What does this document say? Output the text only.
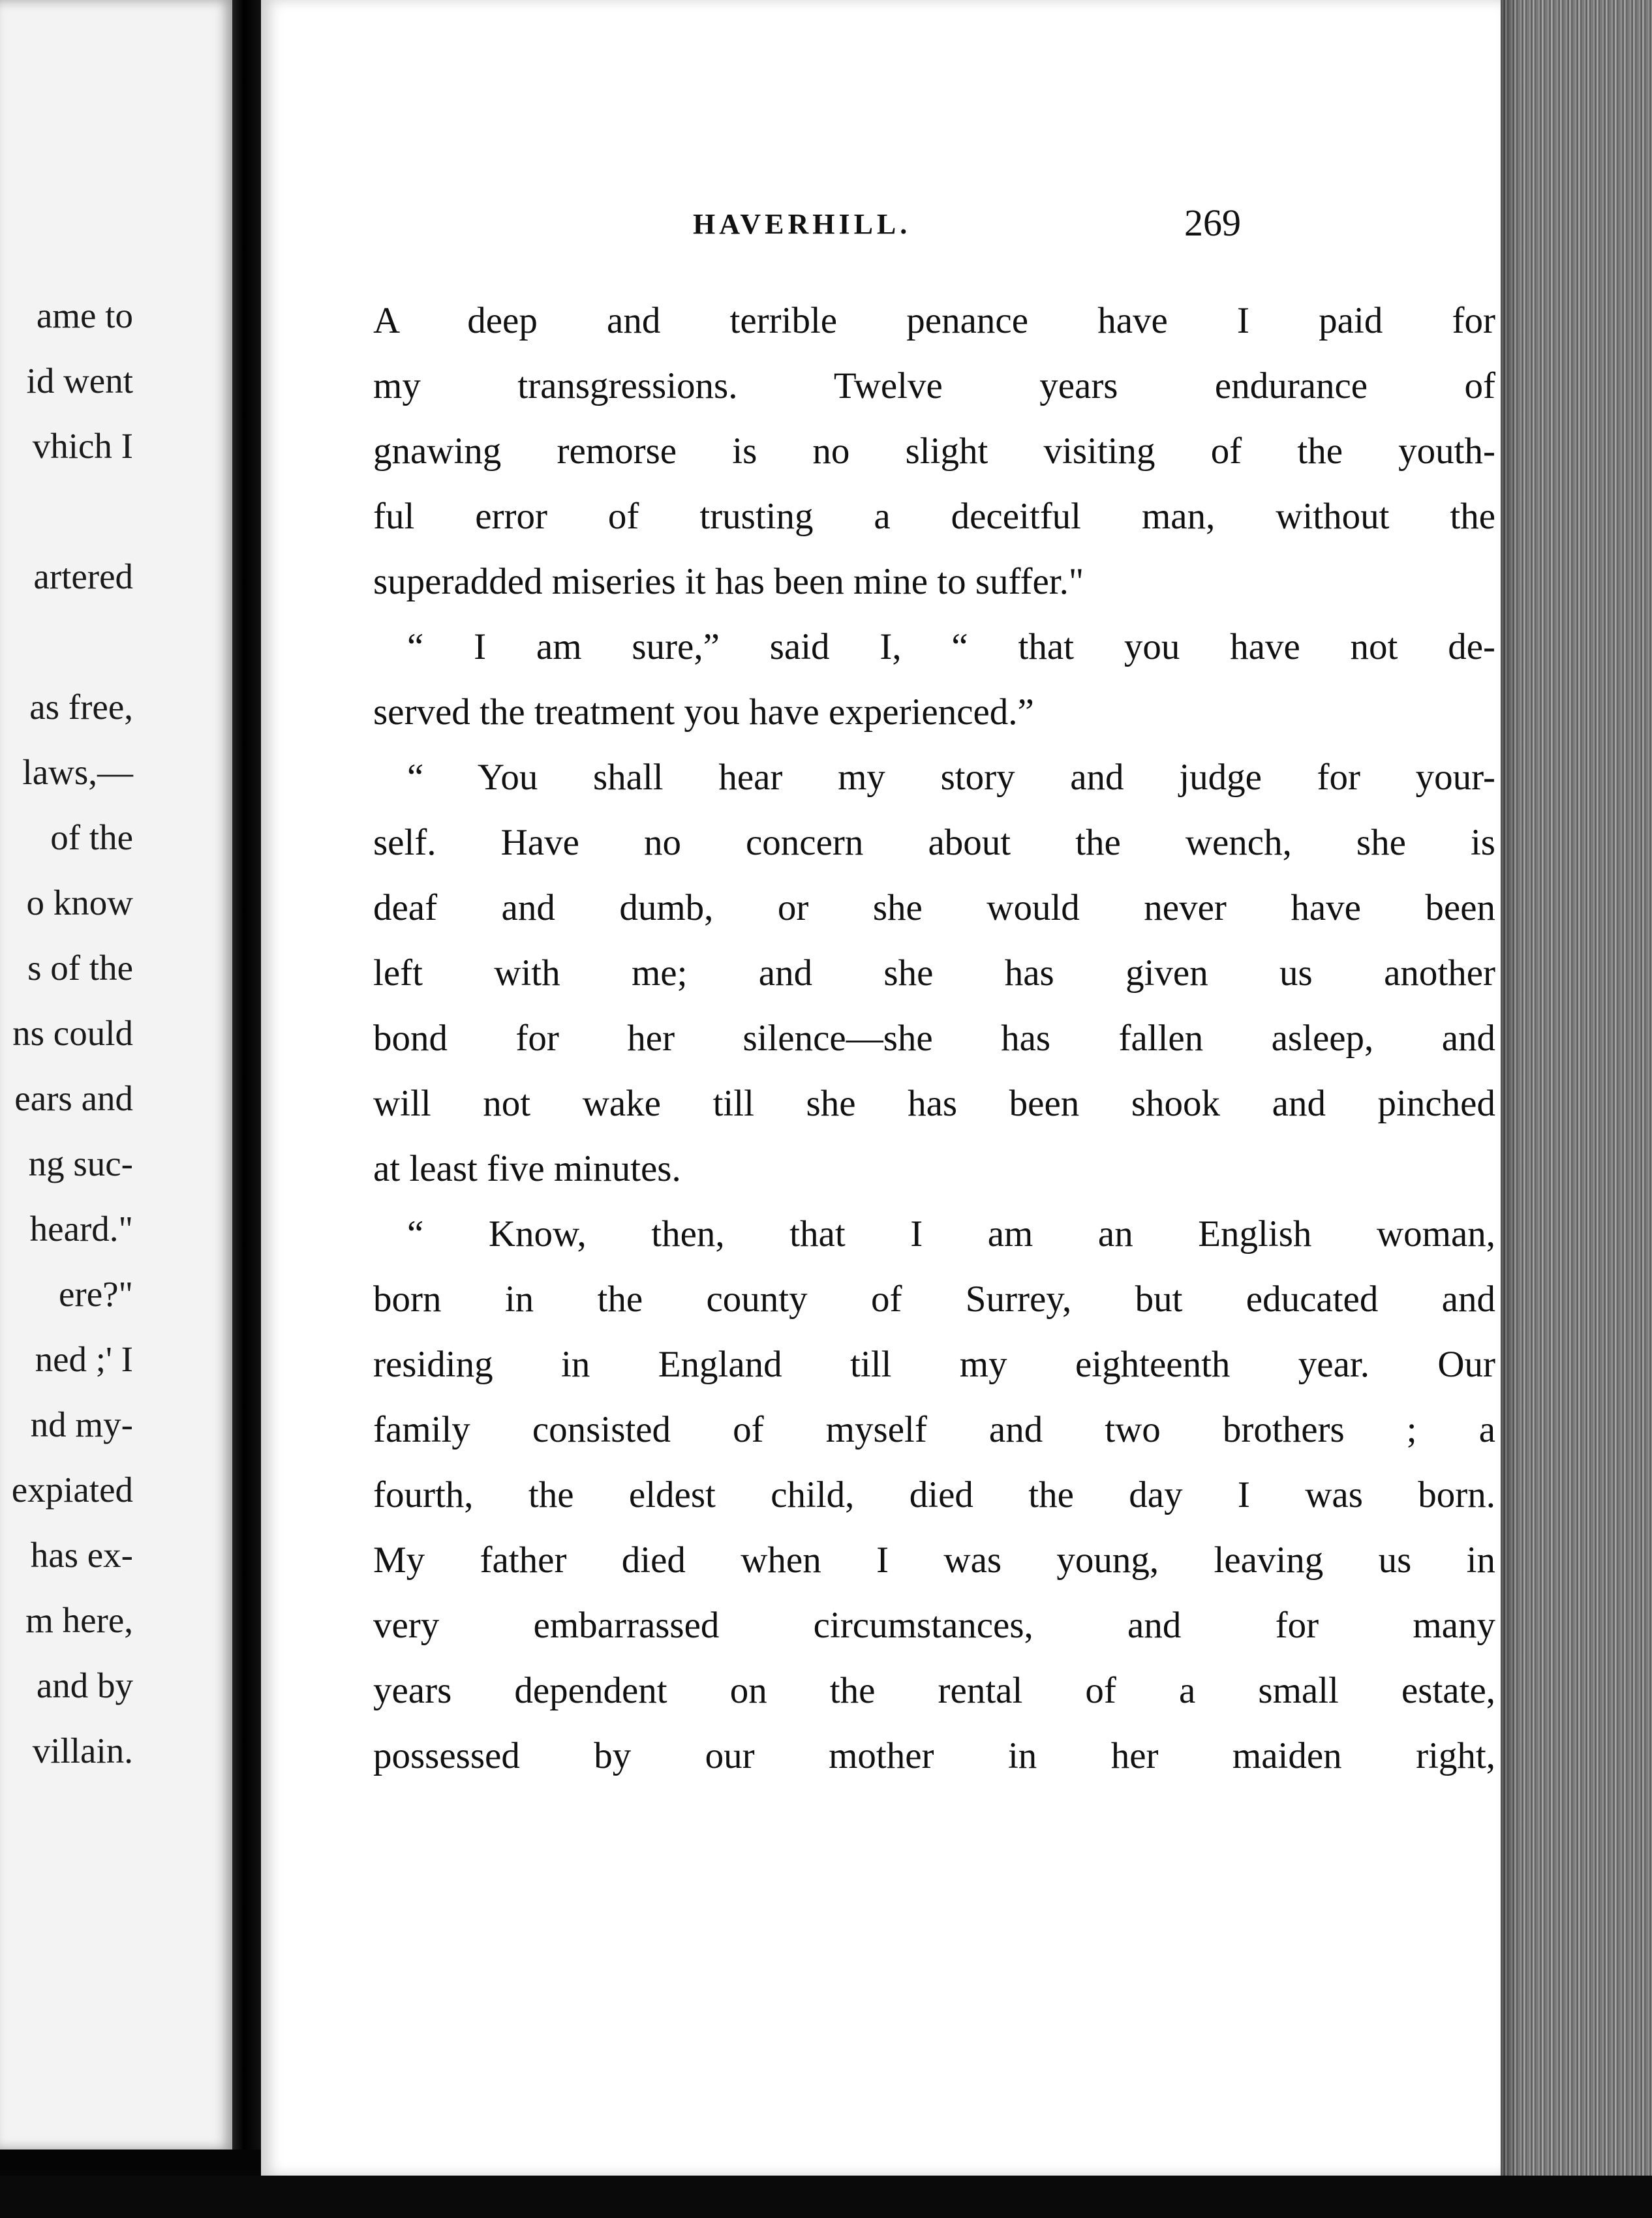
ame to
id went
vhich I
artered
as free,
laws,—
of the
o know
s of the
ns could
ears and
ng suc-
heard."
ere?"
ned ;' I
nd my-
expiated
has ex-
m here,
and by
villain.
HAVERHILL.	269
A deep and terrible penance have I paid for
my transgressions. Twelve years endurance of
gnawing remorse is no slight visiting of the youth-
ful error of trusting a deceitful man, without the
superadded miseries it has been mine to suffer."
“ I am sure,” said I, “ that you have not de-
served the treatment you have experienced.”
“ You shall hear my story and judge for your-
self. Have no concern about the wench, she is
deaf and dumb, or she would never have been
left with me; and she has given us another
bond for her silence—she has fallen asleep, and
will not wake till she has been shook and pinched
at least five minutes.
“ Know, then, that I am an English woman,
born in the county of Surrey, but educated and
residing in England till my eighteenth year. Our
family consisted of myself and two brothers ; a
fourth, the eldest child, died the day I was born.
My father died when I was young, leaving us in
very embarrassed circumstances, and for many
years dependent on the rental of a small estate,
possessed by our mother in her maiden right,
